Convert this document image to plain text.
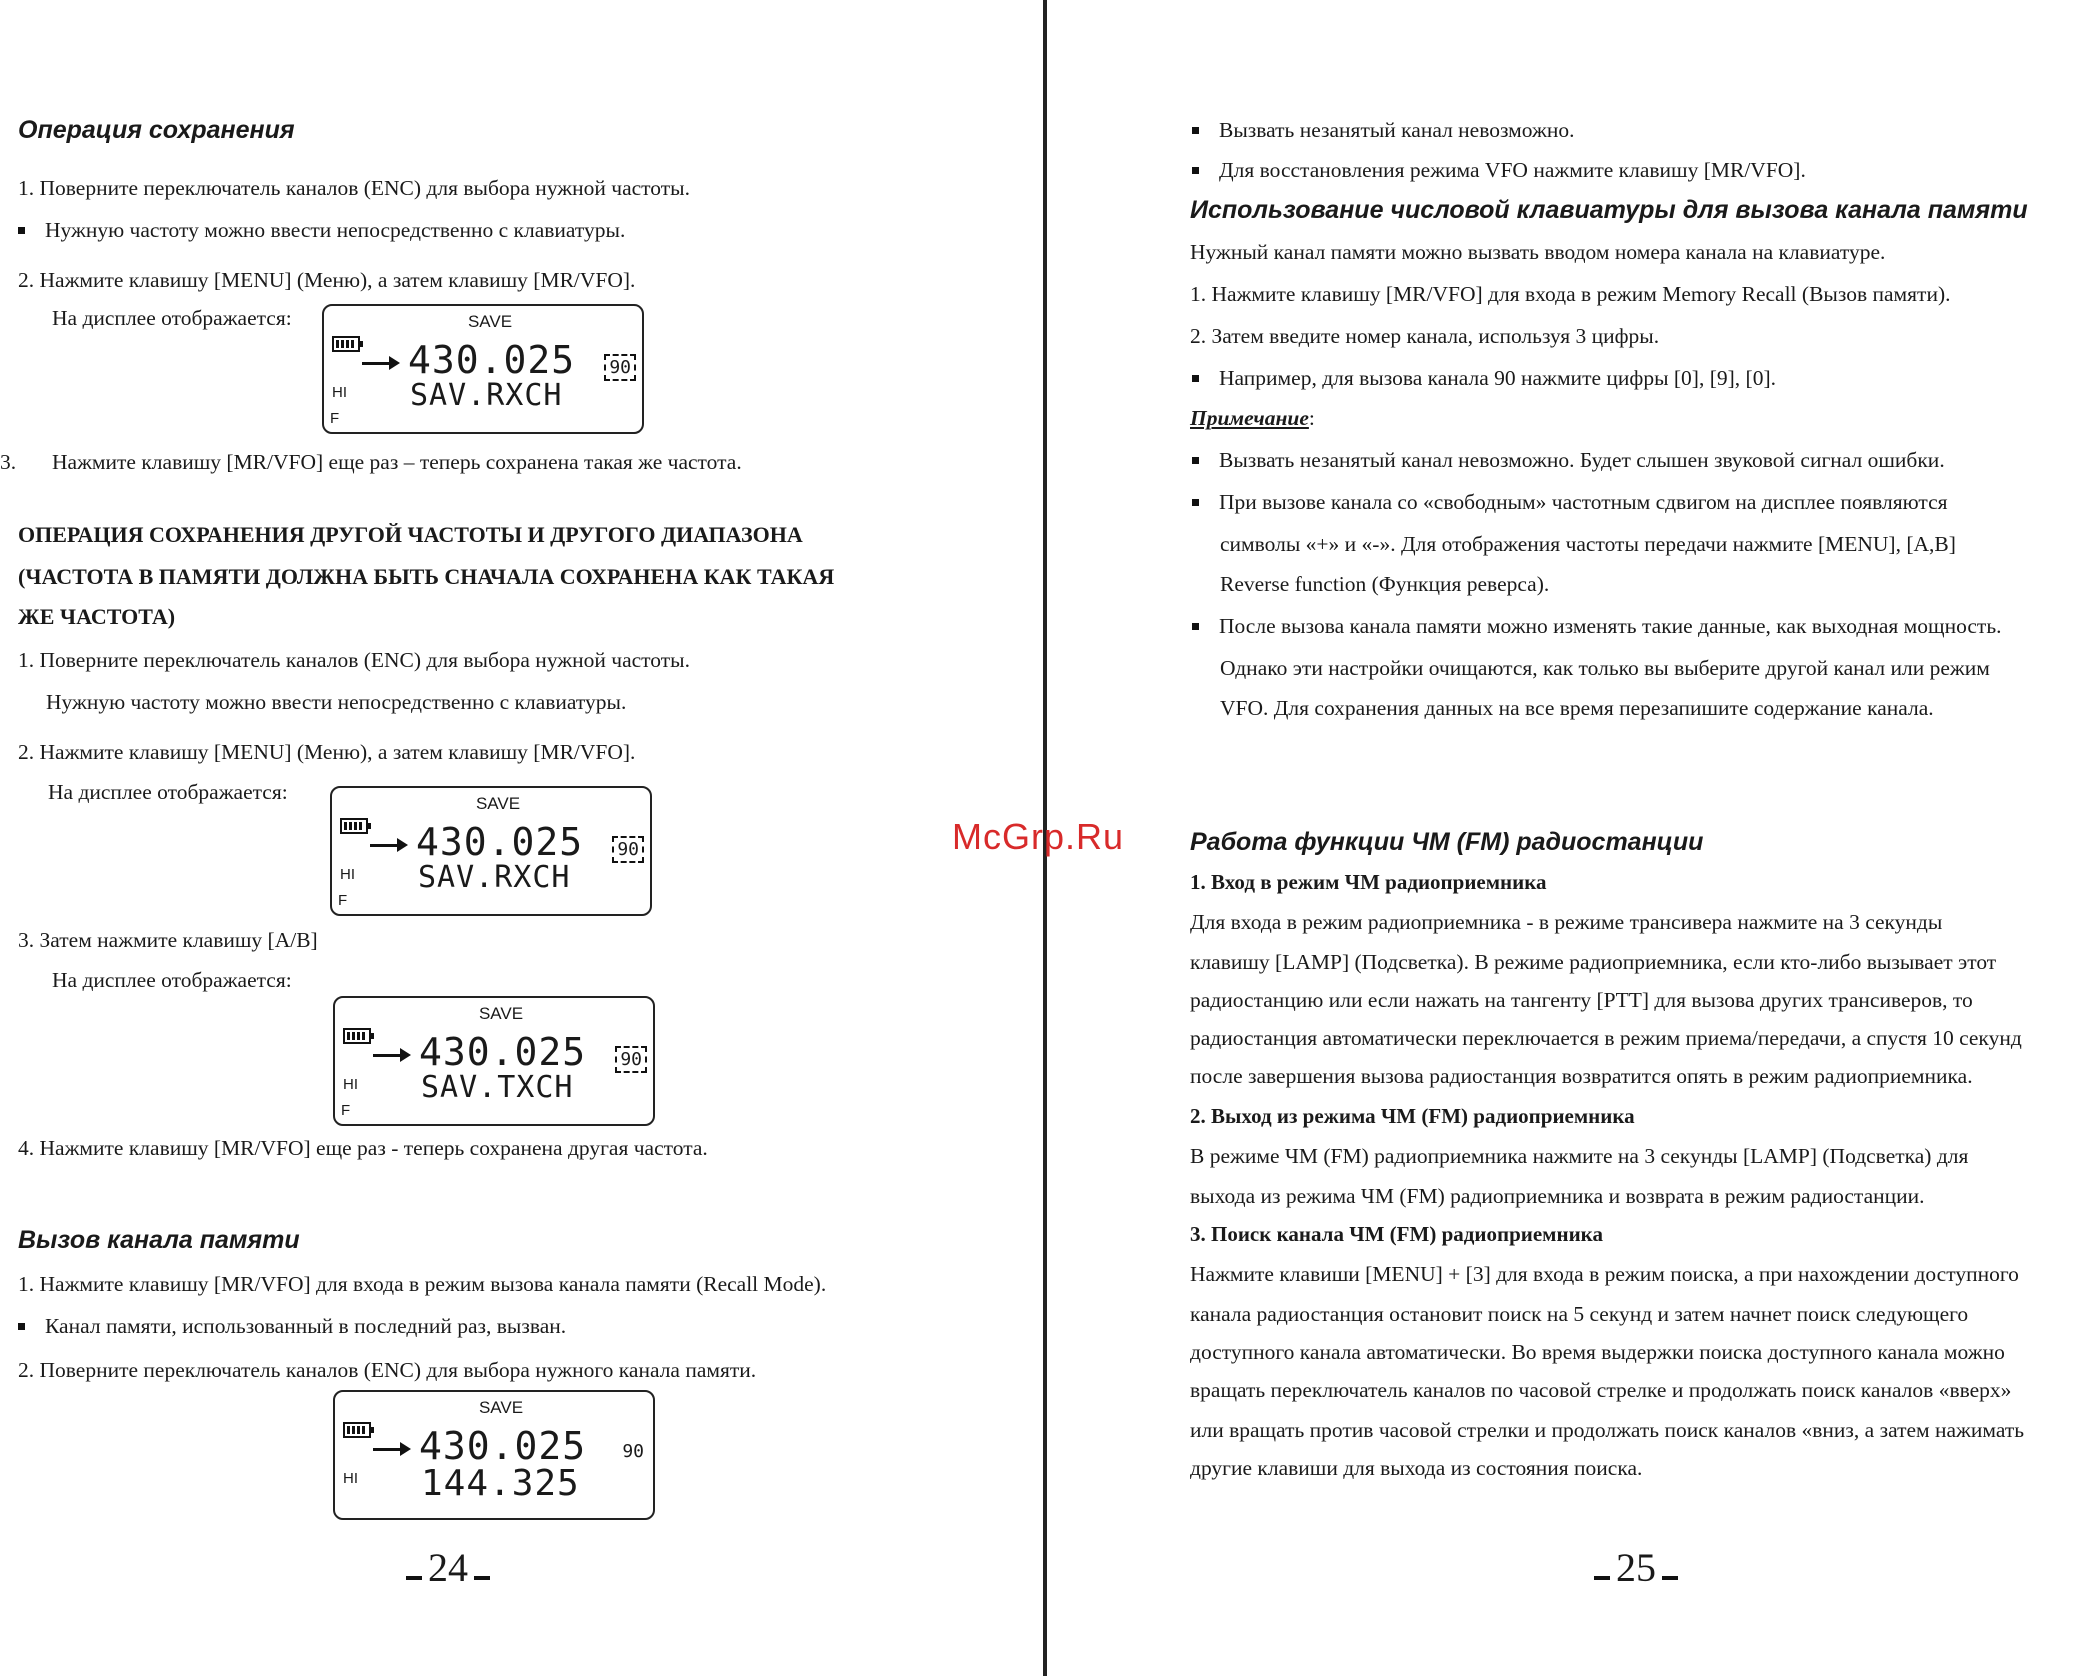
Операция сохранения
1. Поверните переключатель каналов (ENC) для выбора нужной частоты.
Нужную частоту можно ввести непосредственно с клавиатуры.
2. Нажмите клавишу [MENU] (Меню), а затем клавишу [MR/VFO].
На дисплее отображается:	SAVE
430.025
SAV.RXCH
90
HI
F
3. Нажмите клавишу [MR/VFO] еще раз – теперь сохранена такая же частота.
ОПЕРАЦИЯ СОХРАНЕНИЯ ДРУГОЙ ЧАСТОТЫ И ДРУГОГО ДИАПАЗОНА
(ЧАСТОТА В ПАМЯТИ ДОЛЖНА БЫТЬ СНАЧАЛА СОХРАНЕНА КАК ТАКАЯ
ЖЕ ЧАСТОТА)
1. Поверните переключатель каналов (ENC) для выбора нужной частоты.
Нужную частоту можно ввести непосредственно с клавиатуры.
2. Нажмите клавишу [MENU] (Меню), а затем клавишу [MR/VFO].
На дисплее отображается:	SAVE
430.025
SAV.RXCH
90
HI
F
3. Затем нажмите клавишу [A/B]
На дисплее отображается:
SAVE
430.025
SAV.TXCH
90
HI
F
4. Нажмите клавишу [MR/VFO] еще раз - теперь сохранена другая частота.
Вызов канала памяти
1. Нажмите клавишу [MR/VFO] для входа в режим вызова канала памяти (Recall Mode).
Канал памяти, использованный в последний раз, вызван.
2. Поверните переключатель каналов (ENC) для выбора нужного канала памяти.
SAVE
430.025
144.325
90
HI
24
Вызвать незанятый канал невозможно.
Для восстановления режима VFO нажмите клавишу [MR/VFO].
Использование числовой клавиатуры для вызова канала памяти
Нужный канал памяти можно вызвать вводом номера канала на клавиатуре.
1. Нажмите клавишу [MR/VFO] для входа в режим Memory Recall (Вызов памяти).
2. Затем введите номер канала, используя 3 цифры.
Например, для вызова канала 90 нажмите цифры [0], [9], [0].
Примечание:
Вызвать незанятый канал невозможно. Будет слышен звуковой сигнал ошибки.
При вызове канала со «свободным» частотным сдвигом на дисплее появляются
символы «+» и «-». Для отображения частоты передачи нажмите [MENU], [A,B]
Reverse function (Функция реверса).
После вызова канала памяти можно изменять такие данные, как выходная мощность.
Однако эти настройки очищаются, как только вы выберите другой канал или режим
VFO. Для сохранения данных на все время перезапишите содержание канала.
McGrp.Ru	Работа функции ЧМ (FM) радиостанции
1. Вход в режим ЧМ радиоприемника
Для входа в режим радиоприемника - в режиме трансивера нажмите на 3 секунды
клавишу [LAMP] (Подсветка). В режиме радиоприемника, если кто-либо вызывает этот
радиостанцию или если нажать на тангенту [PTT] для вызова других трансиверов, то
радиостанция автоматически переключается в режим приема/передачи, а спустя 10 секунд
после завершения вызова радиостанция возвратится опять в режим радиоприемника.
2. Выход из режима ЧМ (FM) радиоприемника
В режиме ЧМ (FM) радиоприемника нажмите на 3 секунды [LAMP] (Подсветка) для
выхода из режима ЧМ (FM) радиоприемника и возврата в режим радиостанции.
3. Поиск канала ЧМ (FM) радиоприемника
Нажмите клавиши [MENU] + [3] для входа в режим поиска, а при нахождении доступного
канала радиостанция остановит поиск на 5 секунд и затем начнет поиск следующего
доступного канала автоматически. Во время выдержки поиска доступного канала можно
вращать переключатель каналов по часовой стрелке и продолжать поиск каналов «вверх»
или вращать против часовой стрелки и продолжать поиск каналов «вниз, а затем нажимать
другие клавиши для выхода из состояния поиска.
25
